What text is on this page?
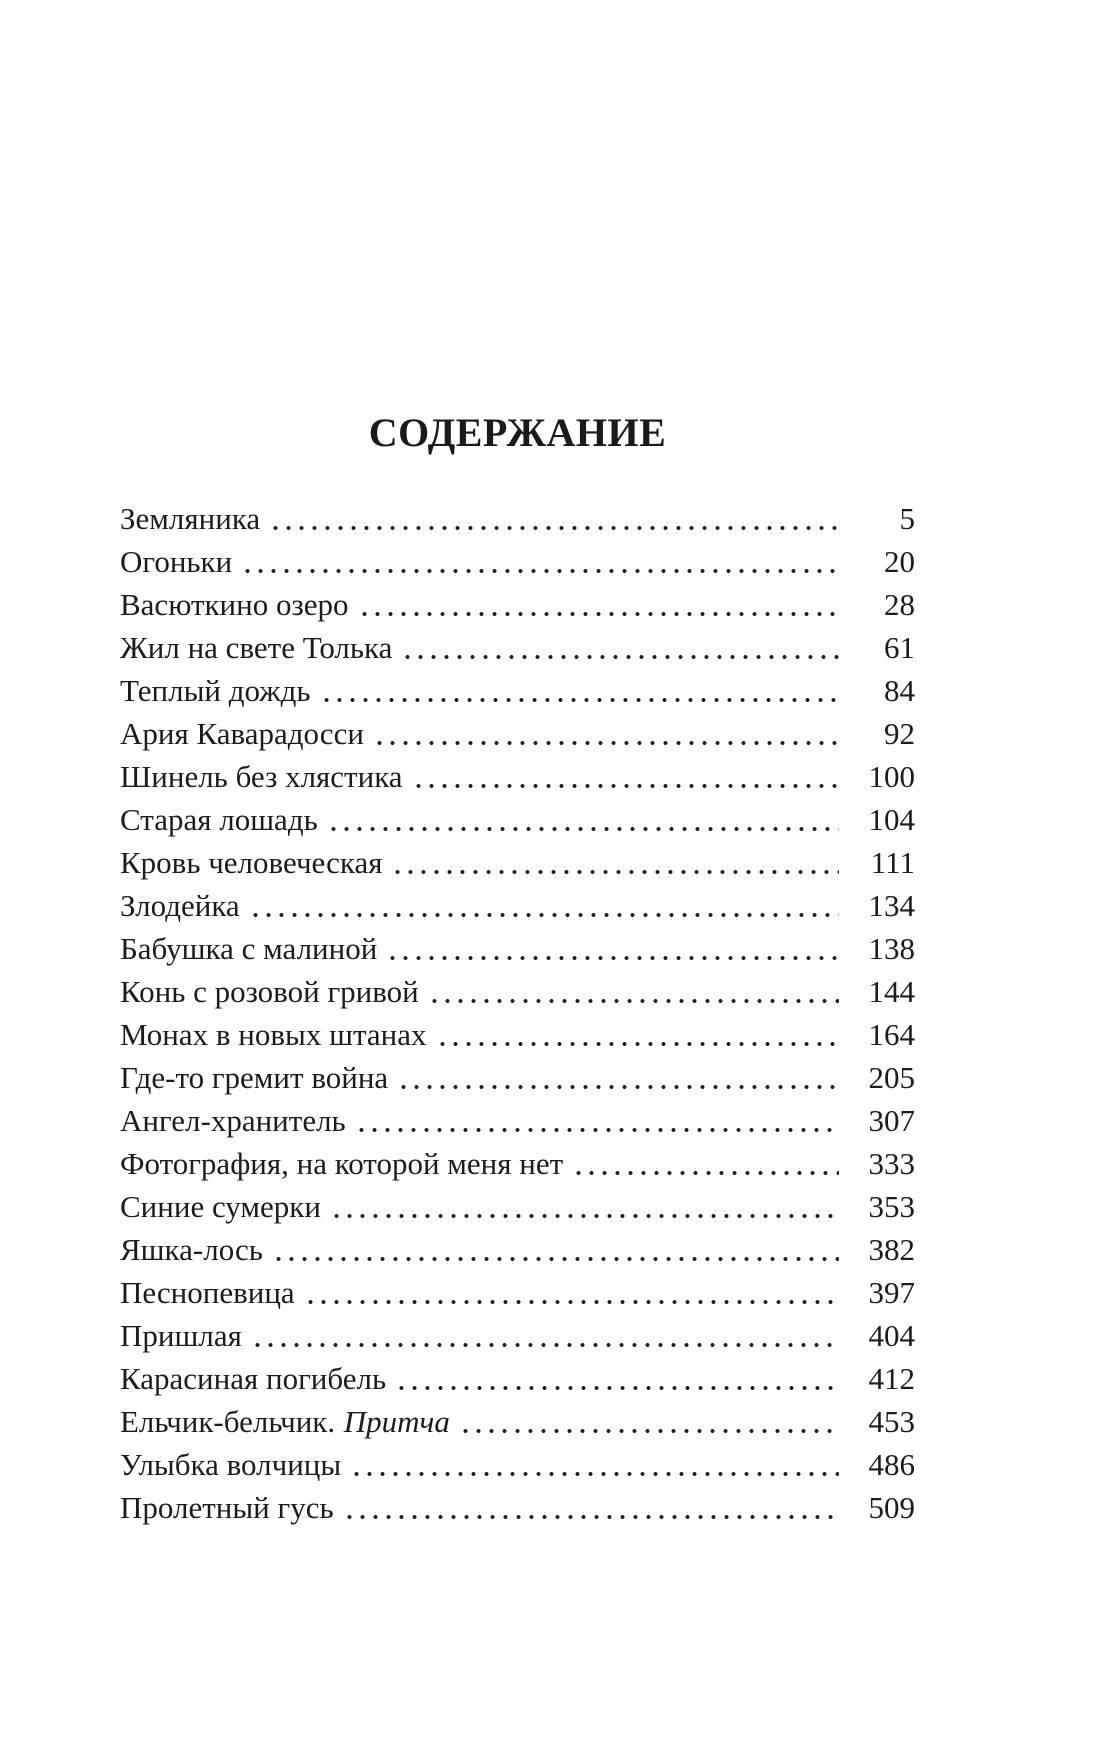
СОДЕРЖАНИЕ
Земляника	5
Огоньки	20
Васюткино озеро	28
Жил на свете Толька	61
Теплый дождь	84
Ария Каварадосси	92
Шинель без хлястика	100
Старая лошадь	104
Кровь человеческая	111
Злодейка	134
Бабушка с малиной	138
Конь с розовой гривой	144
Монах в новых штанах	164
Где-то гремит война	205
Ангел-хранитель	307
Фотография, на которой меня нет	333
Синие сумерки	353
Яшка-лось	382
Песнопевица	397
Пришлая	404
Карасиная погибель	412
Ельчик-бельчик. Притча	453
Улыбка волчицы	486
Пролетный гусь	509
